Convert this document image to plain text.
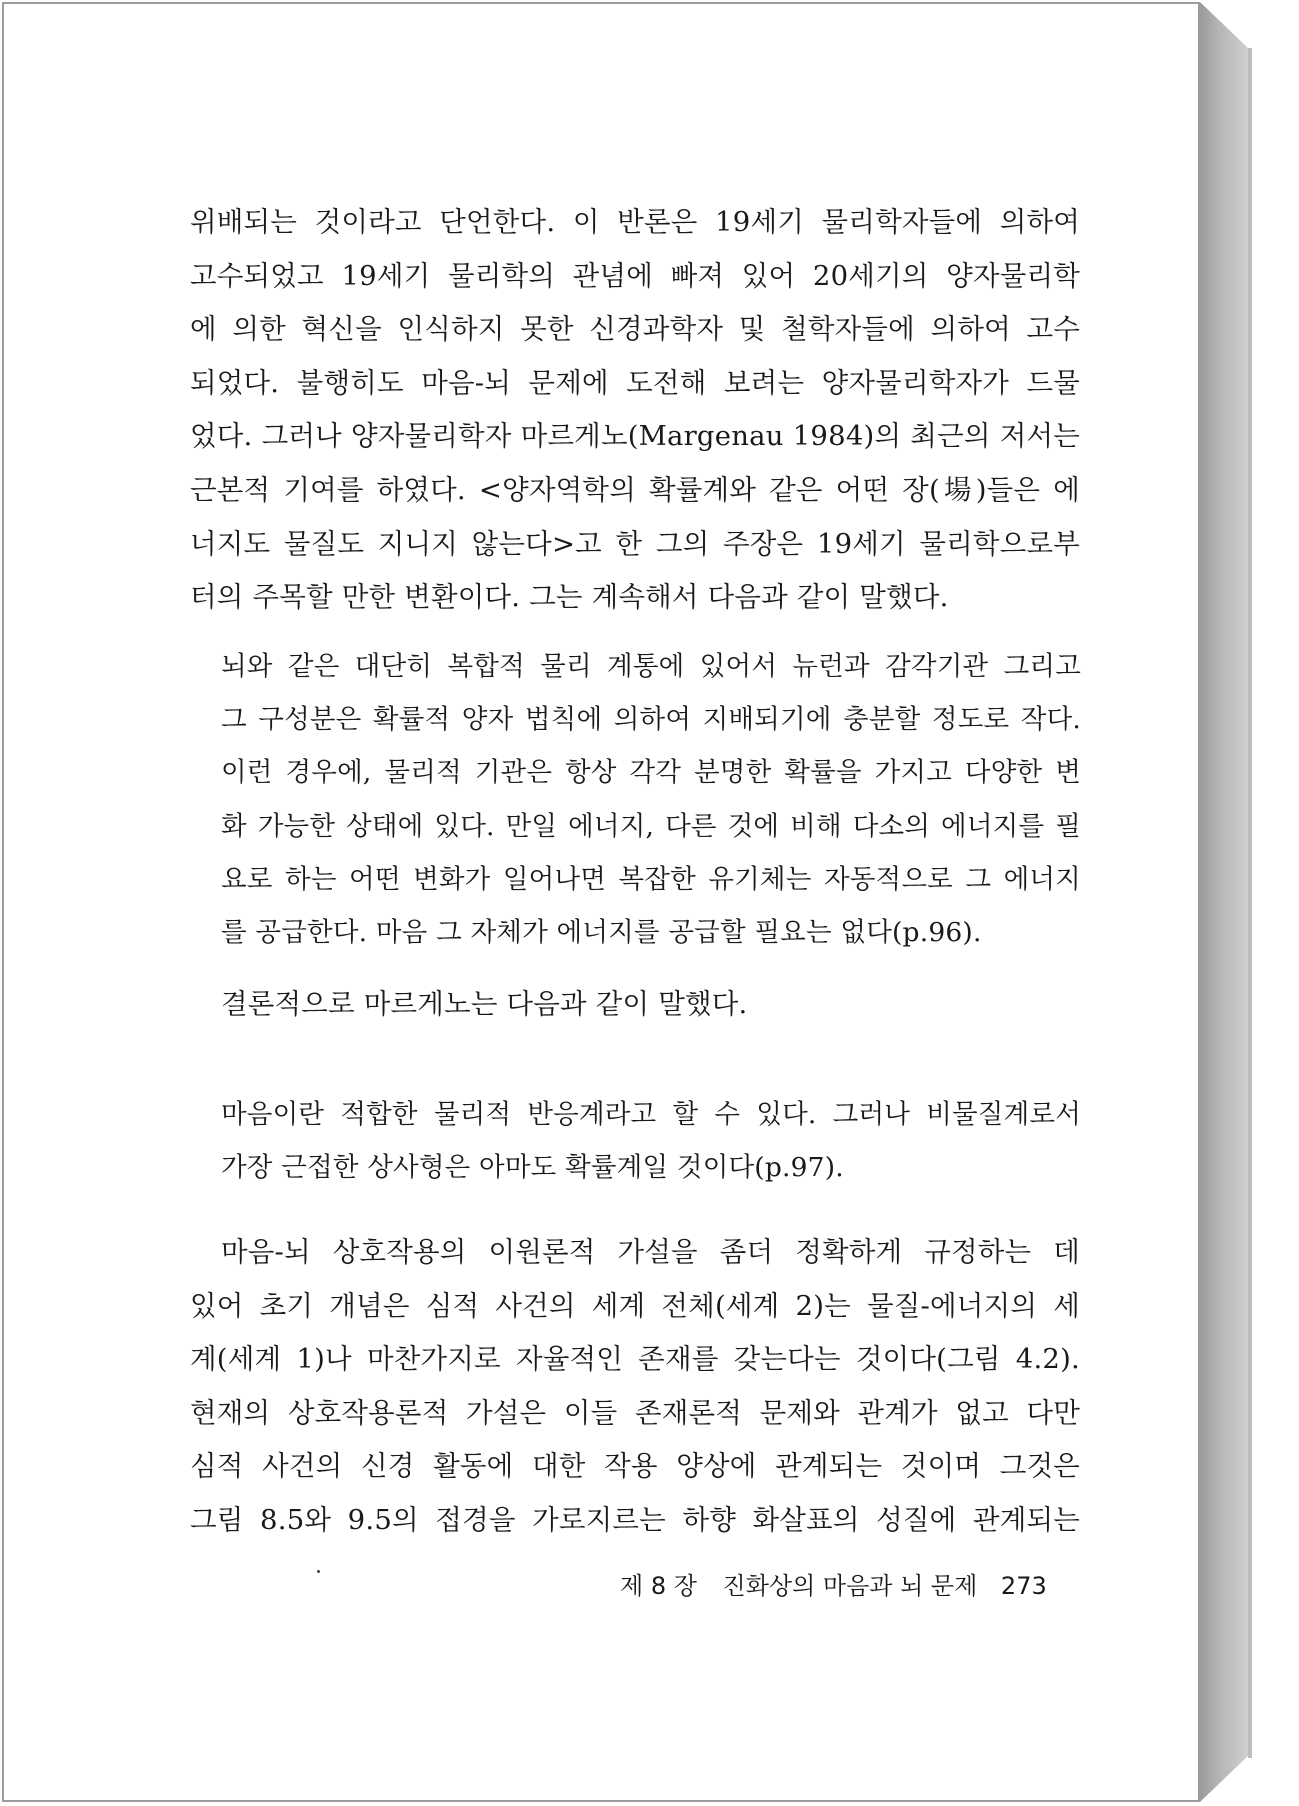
위배되는 것이라고 단언한다. 이 반론은 19세기 물리학자들에 의하여
고수되었고 19세기 물리학의 관념에 빠져 있어 20세기의 양자물리학
에 의한 혁신을 인식하지 못한 신경과학자 및 철학자들에 의하여 고수
되었다. 불행히도 마음-뇌 문제에 도전해 보려는 양자물리학자가 드물
었다. 그러나 양자물리학자 마르게노(Margenau 1984)의 최근의 저서는
근본적 기여를 하였다. <양자역학의 확률계와 같은 어떤 장(場)들은 에
너지도 물질도 지니지 않는다>고 한 그의 주장은 19세기 물리학으로부
터의 주목할 만한 변환이다. 그는 계속해서 다음과 같이 말했다.
뇌와 같은 대단히 복합적 물리 계통에 있어서 뉴런과 감각기관 그리고
그 구성분은 확률적 양자 법칙에 의하여 지배되기에 충분할 정도로 작다.
이런 경우에, 물리적 기관은 항상 각각 분명한 확률을 가지고 다양한 변
화 가능한 상태에 있다. 만일 에너지, 다른 것에 비해 다소의 에너지를 필
요로 하는 어떤 변화가 일어나면 복잡한 유기체는 자동적으로 그 에너지
를 공급한다. 마음 그 자체가 에너지를 공급할 필요는 없다(p.96).
결론적으로 마르게노는 다음과 같이 말했다.
마음이란 적합한 물리적 반응계라고 할 수 있다. 그러나 비물질계로서
가장 근접한 상사형은 아마도 확률계일 것이다(p.97).
마음-뇌 상호작용의 이원론적 가설을 좀더 정확하게 규정하는 데
있어 초기 개념은 심적 사건의 세계 전체(세계 2)는 물질-에너지의 세
계(세계 1)나 마찬가지로 자율적인 존재를 갖는다는 것이다(그림 4.2).
현재의 상호작용론적 가설은 이들 존재론적 문제와 관계가 없고 다만
심적 사건의 신경 활동에 대한 작용 양상에 관계되는 것이며 그것은
그림 8.5와 9.5의 접경을 가로지르는 하향 화살표의 성질에 관계되는
제 8 장 진화상의 마음과 뇌 문제 273
